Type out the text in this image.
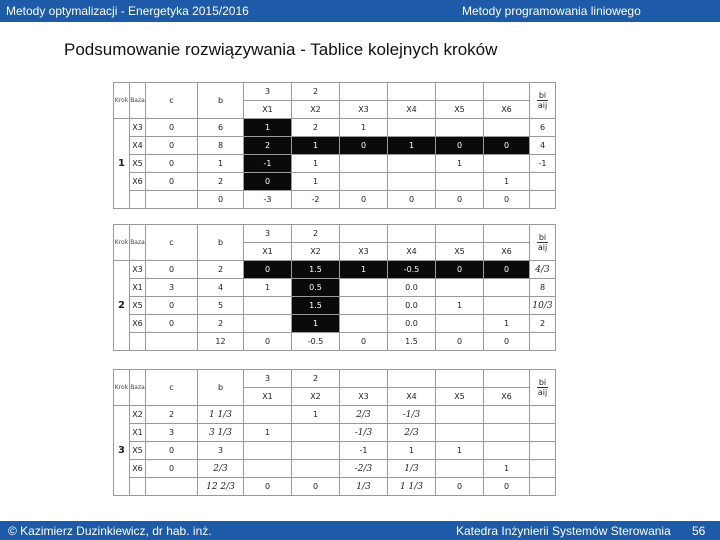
Metody optymalizacji - Energetyka 2015/2016	Metody programowania liniowego
Podsumowanie rozwiązywania - Tablice kolejnych kroków
Krok	Baza	c	b	3	2					bi
aij
				X1	X2	X3	X4	X5	X6	
1	X3	0	6	1	2	1				6
	X4	0	8	2	1	0	1	0	0	4
	X5	0	1	-1	1			1		-1
	X6	0	2	0	1				1	
			0	-3	-2	0	0	0	0	
Krok	Baza	c	b	3	2					bi
aij
				X1	X2	X3	X4	X5	X6	
2	X3	0	2	0	1.5	1	-0.5	0	0	4/3
	X1	3	4	1	0.5		0.0			8
	X5	0	5		1.5		0.0	1		10/3
	X6	0	2		1		0.0		1	2
			12	0	-0.5	0	1.5	0	0	
Krok	Baza	c	b	3	2					bi
aij
				X1	X2	X3	X4	X5	X6	
3	X2	2	1 1/3		1	2/3	-1/3			
	X1	3	3 1/3	1		-1/3	2/3			
	X5	0	3			-1	1	1		
	X6	0	2/3			-2/3	1/3		1	
			12 2/3	0	0	1/3	1 1/3	0	0	
© Kazimierz Duzinkiewicz, dr hab. inż.	Katedra Inżynierii Systemów Sterowania 56
